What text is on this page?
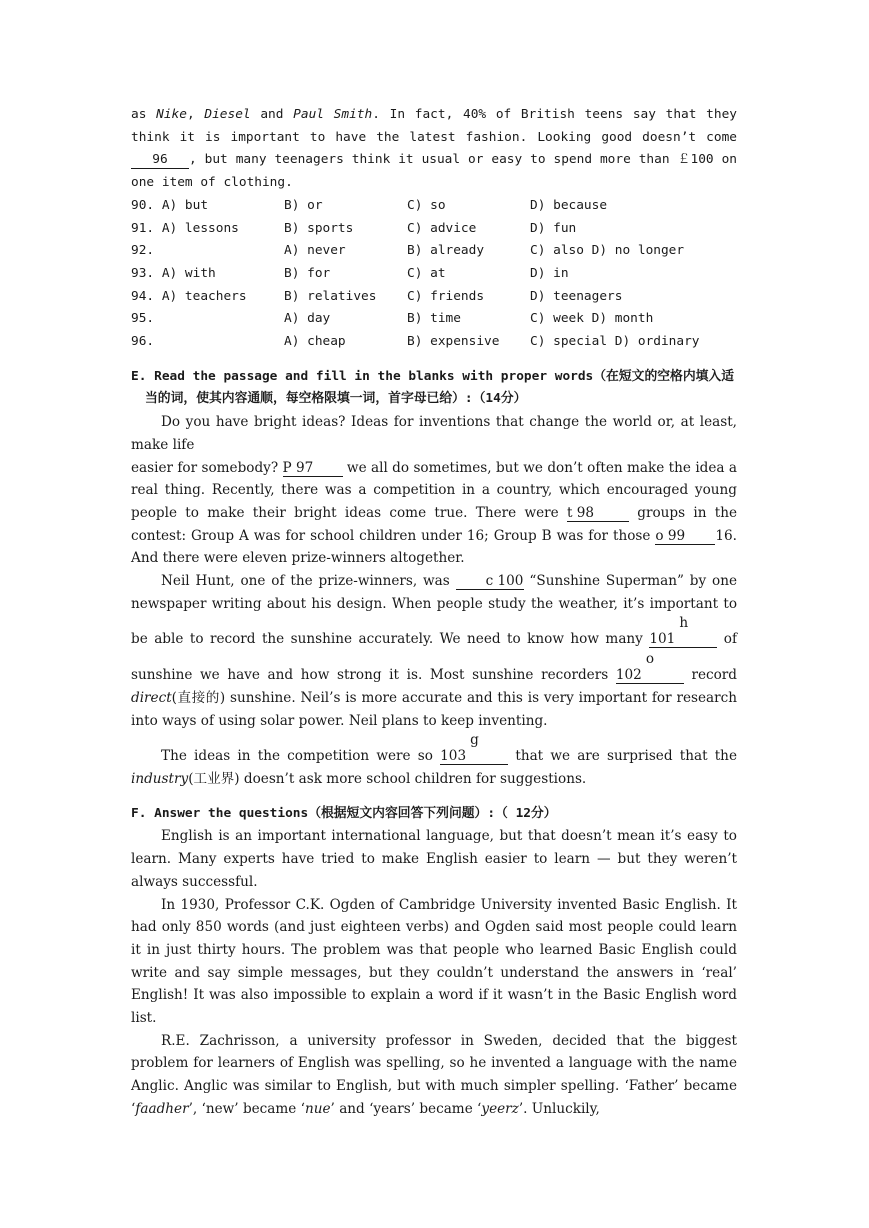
as Nike, Diesel and Paul Smith. In fact, 40% of British teens say that they think it is important to have the latest fashion. Looking good doesn’t come 96 , but many teenagers think it usual or easy to spend more than ￡100 on one item of clothing.

90. A) but	B) or	C) so	D) because
91. A) lessons	B) sports	C) advice	D) fun
92.	A) never	B) already	C) also D) no longer
93. A) with	B) for	C) at	D) in
94. A) teachers	B) relatives	C) friends	D) teenagers
95.	A) day	B) time	C) week D) month
96.	A) cheap	B) expensive	C) special D) ordinary

E. Read the passage and fill in the blanks with proper words（在短文的空格内填入适当的词，使其内容通顺，每空格限填一词，首字母已给）:（14分）

Do you have bright ideas? Ideas for inventions that change the world or, at least, make life

easier for somebody? P 97 we all do sometimes, but we don’t often make the idea a real thing. Recently, there was a competition in a country, which encouraged young people to make their bright ideas come true. There were t 98	groups in the contest: Group A was for school children under 16; Group B was for those o 99 16. And there were eleven prize-winners altogether.

Neil Hunt, one of the prize-winners, was c 100 “Sunshine Superman” by one newspaper writing about his design. When people study the weather, it’s important to be able to record the sunshine accurately. We need to know how many h 101	of sunshine we have and how strong it is. Most sunshine recorders o 102	record direct(直接的) sunshine. Neil’s is more accurate and this is very important for research into ways of using solar power. Neil plans to keep inventing.

The ideas in the competition were so g 103	that we are surprised that the industry(工业界) doesn’t ask more school children for suggestions.

F. Answer the questions（根据短文内容回答下列问题）:（ 12分）

English is an important international language, but that doesn’t mean it’s easy to learn. Many experts have tried to make English easier to learn — but they weren’t always successful.

In 1930, Professor C.K. Ogden of Cambridge University invented Basic English. It had only 850 words (and just eighteen verbs) and Ogden said most people could learn it in just thirty hours. The problem was that people who learned Basic English could write and say simple messages, but they couldn’t understand the answers in ‘real’ English! It was also impossible to explain a word if it wasn’t in the Basic English word list.

R.E. Zachrisson, a university professor in Sweden, decided that the biggest problem for learners of English was spelling, so he invented a language with the name Anglic. Anglic was similar to English, but with much simpler spelling. ‘Father’ became ‘faadher’, ‘new’ became ‘nue’ and ‘years’ became ‘yeerz’. Unluckily,
